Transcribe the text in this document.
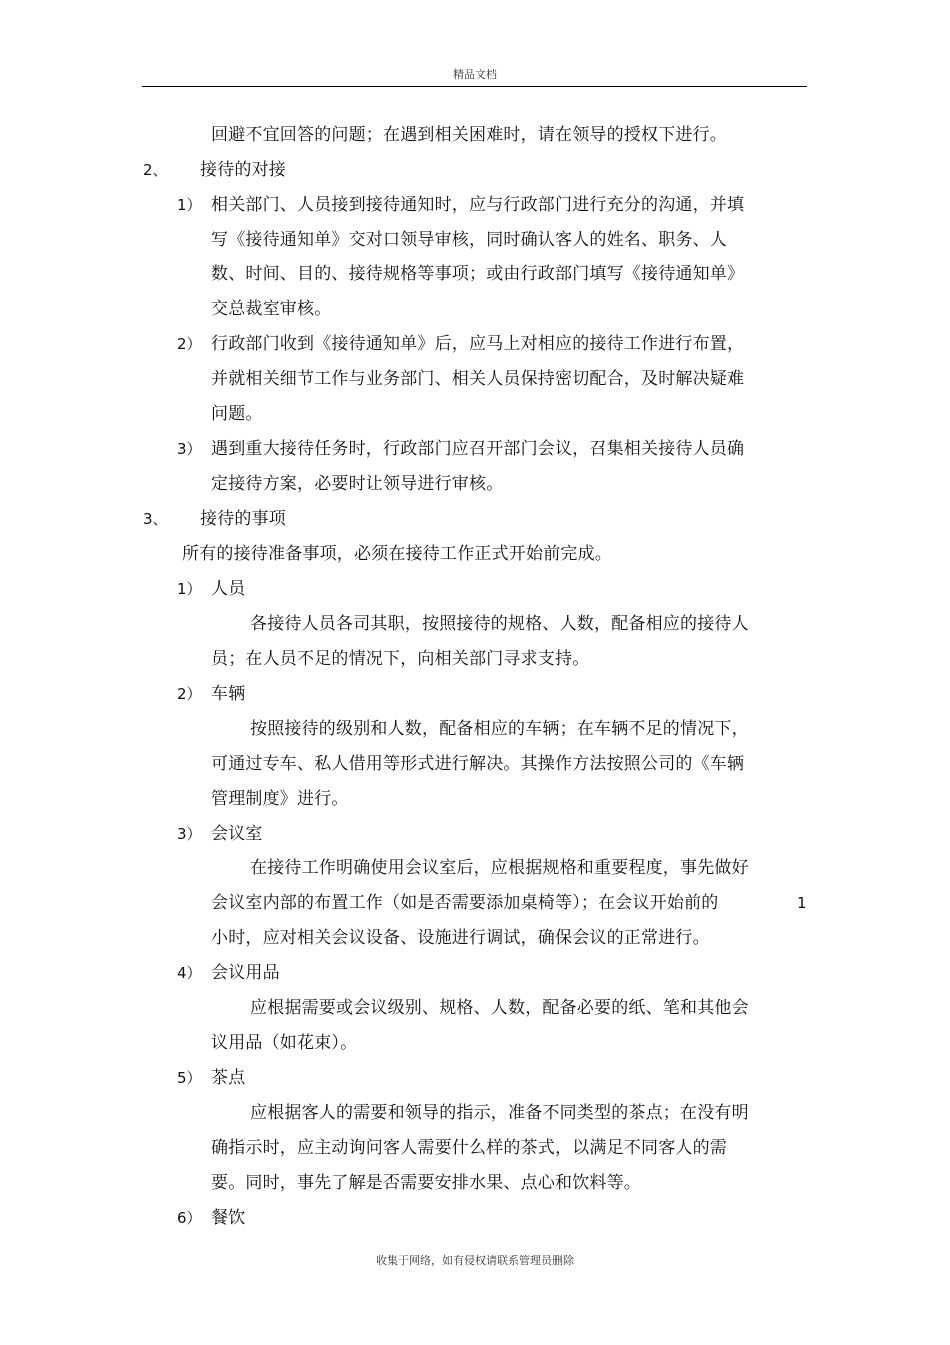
精品文档
回避不宜回答的问题；在遇到相关困难时，请在领导的授权下进行。
2、 接待的对接
1） 相关部门、人员接到接待通知时，应与行政部门进行充分的沟通，并填
写《接待通知单》交对口领导审核，同时确认客人的姓名、职务、人
数、时间、目的、接待规格等事项；或由行政部门填写《接待通知单》
交总裁室审核。
2） 行政部门收到《接待通知单》后，应马上对相应的接待工作进行布置，
并就相关细节工作与业务部门、相关人员保持密切配合，及时解决疑难
问题。
3） 遇到重大接待任务时，行政部门应召开部门会议，召集相关接待人员确
定接待方案，必要时让领导进行审核。
3、 接待的事项
所有的接待准备事项，必须在接待工作正式开始前完成。
1） 人员
各接待人员各司其职，按照接待的规格、人数，配备相应的接待人
员；在人员不足的情况下，向相关部门寻求支持。
2） 车辆
按照接待的级别和人数，配备相应的车辆；在车辆不足的情况下，
可通过专车、私人借用等形式进行解决。其操作方法按照公司的《车辆
管理制度》进行。
3） 会议室
在接待工作明确使用会议室后，应根据规格和重要程度，事先做好
会议室内部的布置工作（如是否需要添加桌椅等）；在会议开始前的	1
小时，应对相关会议设备、设施进行调试，确保会议的正常进行。
4） 会议用品
应根据需要或会议级别、规格、人数，配备必要的纸、笔和其他会
议用品（如花束）。
5） 茶点
应根据客人的需要和领导的指示，准备不同类型的茶点；在没有明
确指示时，应主动询问客人需要什么样的茶式，以满足不同客人的需
要。同时，事先了解是否需要安排水果、点心和饮料等。
6） 餐饮
收集于网络，如有侵权请联系管理员删除
